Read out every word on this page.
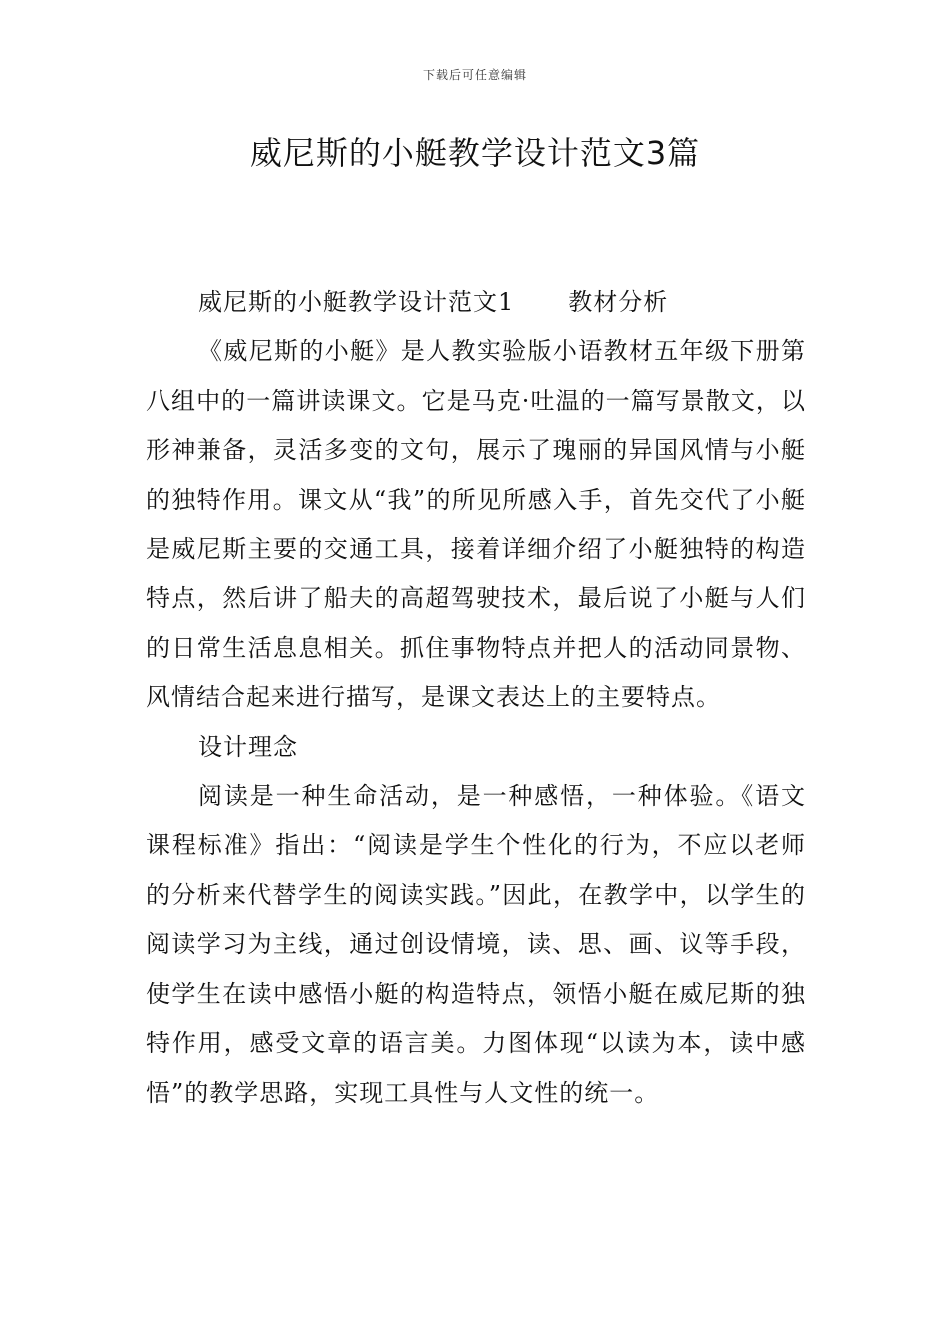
下载后可任意编辑
威尼斯的小艇教学设计范文3篇
威尼斯的小艇教学设计范文1 教材分析

《威尼斯的小艇》是人教实验版小语教材五年级下册第八组中的一篇讲读课文。它是马克·吐温的一篇写景散文，以形神兼备，灵活多变的文句，展示了瑰丽的异国风情与小艇的独特作用。课文从“我”的所见所感入手，首先交代了小艇是威尼斯主要的交通工具，接着详细介绍了小艇独特的构造特点，然后讲了船夫的高超驾驶技术，最后说了小艇与人们的日常生活息息相关。抓住事物特点并把人的活动同景物、风情结合起来进行描写，是课文表达上的主要特点。

设计理念

阅读是一种生命活动，是一种感悟，一种体验。《语文课程标准》指出：“阅读是学生个性化的行为，不应以老师的分析来代替学生的阅读实践。”因此，在教学中，以学生的阅读学习为主线，通过创设情境，读、思、画、议等手段，使学生在读中感悟小艇的构造特点，领悟小艇在威尼斯的独特作用，感受文章的语言美。力图体现“以读为本，读中感悟”的教学思路，实现工具性与人文性的统一。
